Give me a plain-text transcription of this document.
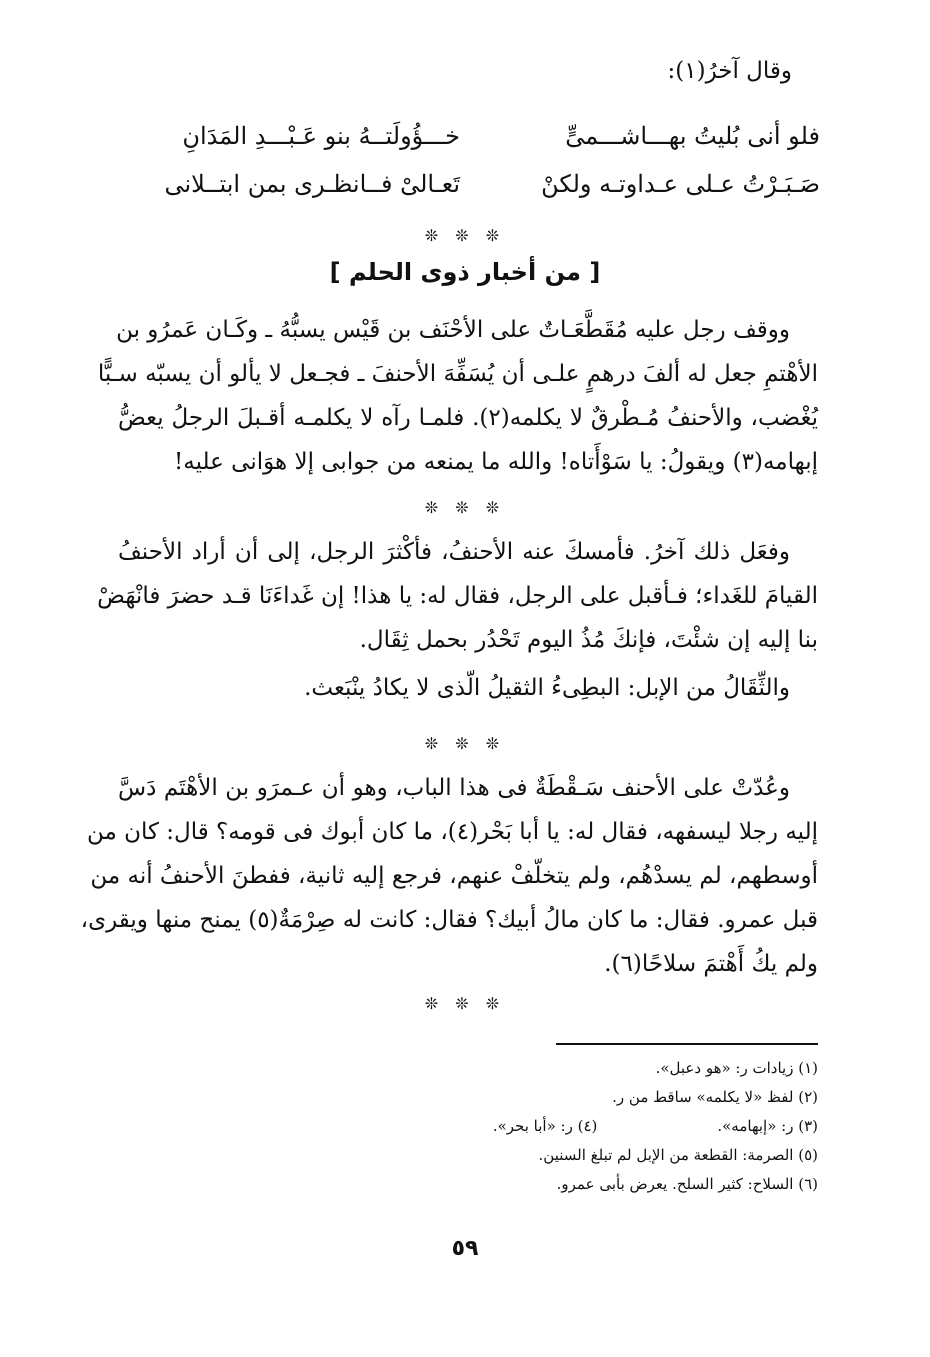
وقال آخرُ(١):
فلو أنى بُليتُ بهـــاشـــمىٍّ
خـــؤُولَتــهُ بنو عَـبْـــدِ المَدَانِ
صَـبَـرْتُ عـلى عـداوتـه ولكنْ
تَعـالىْ فــانظـرى بمن ابتــلانى
❊ ❊ ❊
[ من أخبار ذوى الحلم ]
ووقف رجل عليه مُقَطَّعَـاتٌ على الأحْنَف بن قَيْس يسبُّهُ ـ وكَـان عَمرُو بن
الأهْتمِ جعل له ألفَ درهمٍ علـى أن يُسَفِّهَ الأحنفَ ـ فجـعل لا يألو أن يسبّه سـبًّا
يُغْضب، والأحنفُ مُـطْرقٌ لا يكلمه(٢). فلمـا رآه لا يكلمـه أقـبلَ الرجلُ يعضُّ
إبهامه(٣) ويقولُ: يا سَوْأَتاه! والله ما يمنعه من جوابى إلا هوَانى عليه!
❊ ❊ ❊
وفعَل ذلك آخرُ. فأمسكَ عنه الأحنفُ، فأكْثرَ الرجل، إلى أن أراد الأحنفُ
القيامَ للغَداء؛ فـأقبل على الرجل، فقال له: يا هذا! إن غَداءَنَا قـد حضرَ فانْهَضْ
بنا إليه إن شئْتَ، فإنكَ مُذُ اليوم تَحْدُر بحمل ثِقَال.
والثِّقَالُ من الإبل: البطِىءُ الثقيلُ الّذى لا يكادُ ينْبَعث.
❊ ❊ ❊
وعُدّتْ على الأحنف سَـقْطَةٌ فى هذا الباب، وهو أن عـمرَو بن الأهْتَم دَسَّ
إليه رجلا ليسفهه، فقال له: يا أبا بَحْر(٤)، ما كان أبوك فى قومه؟ قال: كان من
أوسطهم، لم يسدْهُم، ولم يتخلّفْ عنهم، فرجع إليه ثانية، ففطنَ الأحنفُ أنه من
قبل عمرو. فقال: ما كان مالُ أبيك؟ فقال: كانت له صِرْمَةٌ(٥) يمنح منها ويقرى،
ولم يكُ أَهْتمَ سلاحًا(٦).
❊ ❊ ❊
(١) زيادات ر: «هو دعبل».
(٢) لفظ «لا يكلمه» ساقط من ر.
(٣) ر: «إبهامه».
(٤) ر: «أبا بحر».
(٥) الصرمة: القطعة من الإبل لم تبلغ السنين.
(٦) السلاح: كثير السلح. يعرض بأبى عمرو.
٥٩
